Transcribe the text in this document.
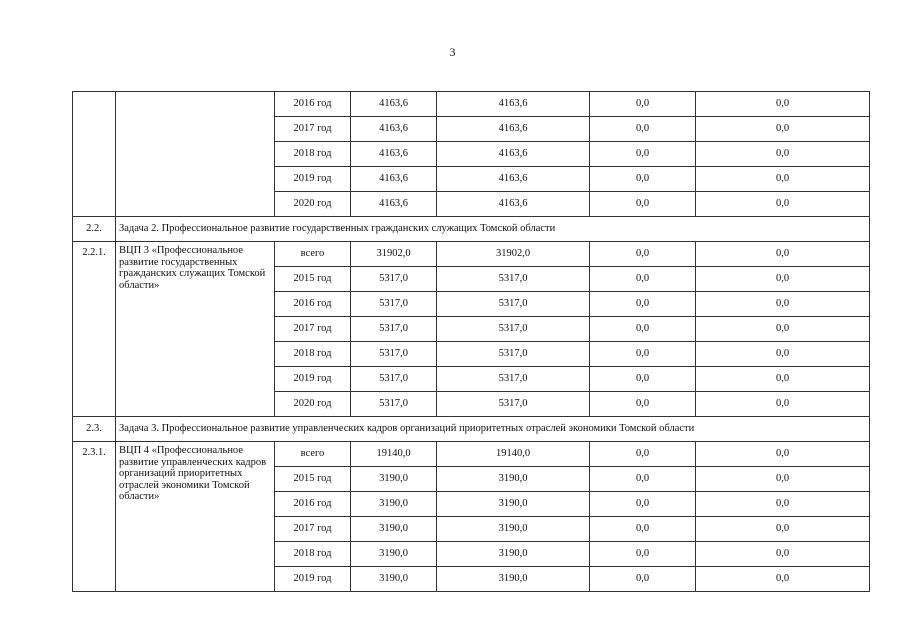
3
		2016 год	4163,6	4163,6	0,0	0,0
		2017 год	4163,6	4163,6	0,0	0,0
		2018 год	4163,6	4163,6	0,0	0,0
		2019 год	4163,6	4163,6	0,0	0,0
		2020 год	4163,6	4163,6	0,0	0,0
2.2.	Задача 2. Профессиональное развитие государственных гражданских служащих Томской области					
2.2.1.	ВЦП 3 «Профессиональное развитие государственных гражданских служащих Томской области»	всего	31902,0	31902,0	0,0	0,0
		2015 год	5317,0	5317,0	0,0	0,0
		2016 год	5317,0	5317,0	0,0	0,0
		2017 год	5317,0	5317,0	0,0	0,0
		2018 год	5317,0	5317,0	0,0	0,0
		2019 год	5317,0	5317,0	0,0	0,0
		2020 год	5317,0	5317,0	0,0	0,0
2.3.	Задача 3. Профессиональное развитие управленческих кадров организаций приоритетных отраслей экономики Томской области					
2.3.1.	ВЦП 4 «Профессиональное развитие управленческих кадров организаций приоритетных отраслей экономики Томской области»	всего	19140,0	19140,0	0,0	0,0
		2015 год	3190,0	3190,0	0,0	0,0
		2016 год	3190,0	3190,0	0,0	0,0
		2017 год	3190,0	3190,0	0,0	0,0
		2018 год	3190,0	3190,0	0,0	0,0
		2019 год	3190,0	3190,0	0,0	0,0
